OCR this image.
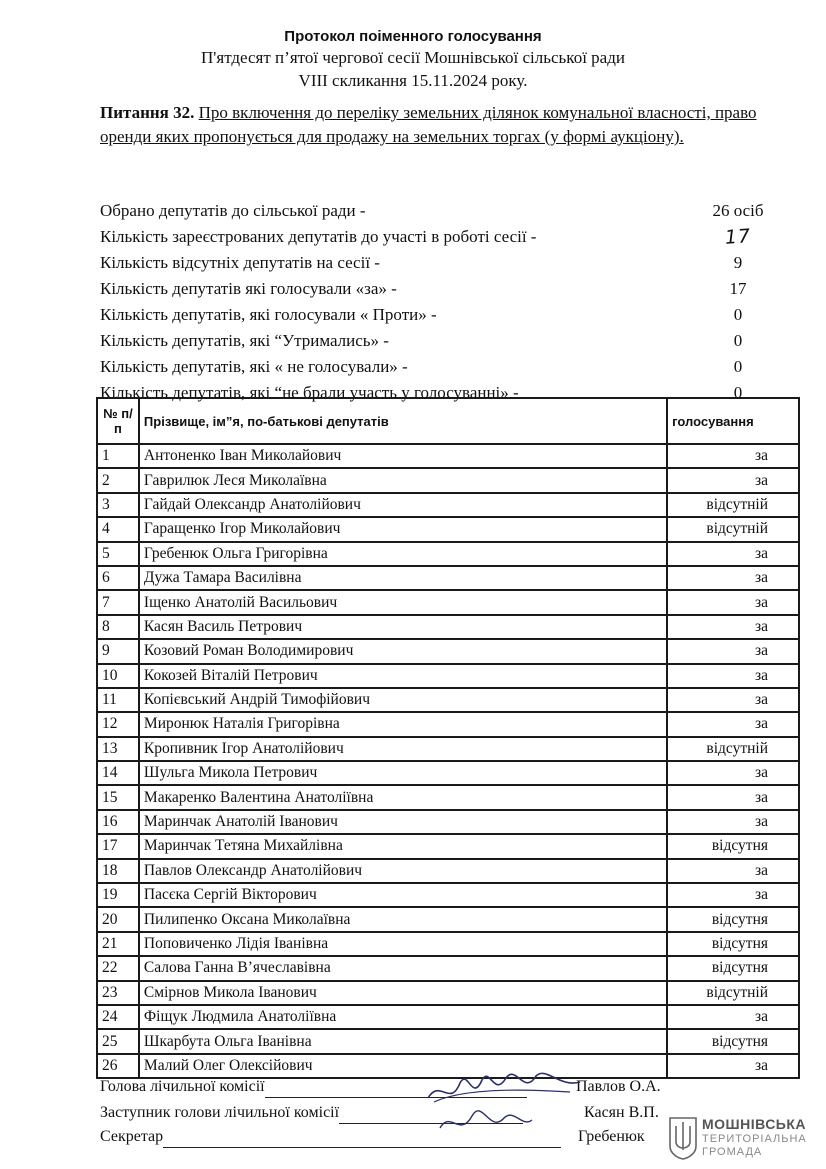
Протокол поіменного голосування
П'ятдесят п’ятої чергової сесії Мошнівської сільської ради
VIII скликання 15.11.2024 року.
Питання 32. Про включення до переліку земельних ділянок комунальної власності, право оренди яких пропонується для продажу на земельних торгах (у формі аукціону).
Обрано депутатів до сільської ради -	26 осіб
Кількість зареєстрованих депутатів до участі в роботі сесії -	17
Кількість відсутніх депутатів на сесії -	9
Кількість депутатів які голосували «за» -	17
Кількість депутатів, які голосували « Проти» -	0
Кількість депутатів, які “Утримались» -	0
Кількість депутатів, які « не голосували» -	0
Кількість депутатів, які “не брали участь у голосуванні» -	0
№ п/п	Прізвище, ім”я, по-батькові депутатів	голосування
1	Антоненко Іван Миколайович	за
2	Гаврилюк Леся Миколаївна	за
3	Гайдай Олександр Анатолійович	відсутній
4	Гаращенко Ігор Миколайович	відсутній
5	Гребенюк Ольга Григорівна	за
6	Дужа Тамара Василівна	за
7	Іщенко Анатолій Васильович	за
8	Касян Василь Петрович	за
9	Козовий Роман Володимирович	за
10	Кокозей Віталій Петрович	за
11	Копієвський Андрій Тимофійович	за
12	Миронюк Наталія Григорівна	за
13	Кропивник Ігор Анатолійович	відсутній
14	Шульга Микола Петрович	за
15	Макаренко Валентина Анатоліївна	за
16	Маринчак Анатолій Іванович	за
17	Маринчак Тетяна Михайлівна	відсутня
18	Павлов Олександр Анатолійович	за
19	Пасєка Сергій Вікторович	за
20	Пилипенко Оксана Миколаївна	відсутня
21	Поповиченко Лідія Іванівна	відсутня
22	Салова Ганна В’ячеславівна	відсутня
23	Смірнов Микола Іванович	відсутній
24	Фіщук Людмила Анатоліївна	за
25	Шкарбута Ольга Іванівна	відсутня
26	Малий Олег Олексійович	за
Голова лічильної комісії	Павлов О.А.
Заступник голови лічильної комісії	Касян В.П.
Секретар	Гребенюк
МОШНІВСЬКА
ТЕРИТОРІАЛЬНА
ГРОМАДА
